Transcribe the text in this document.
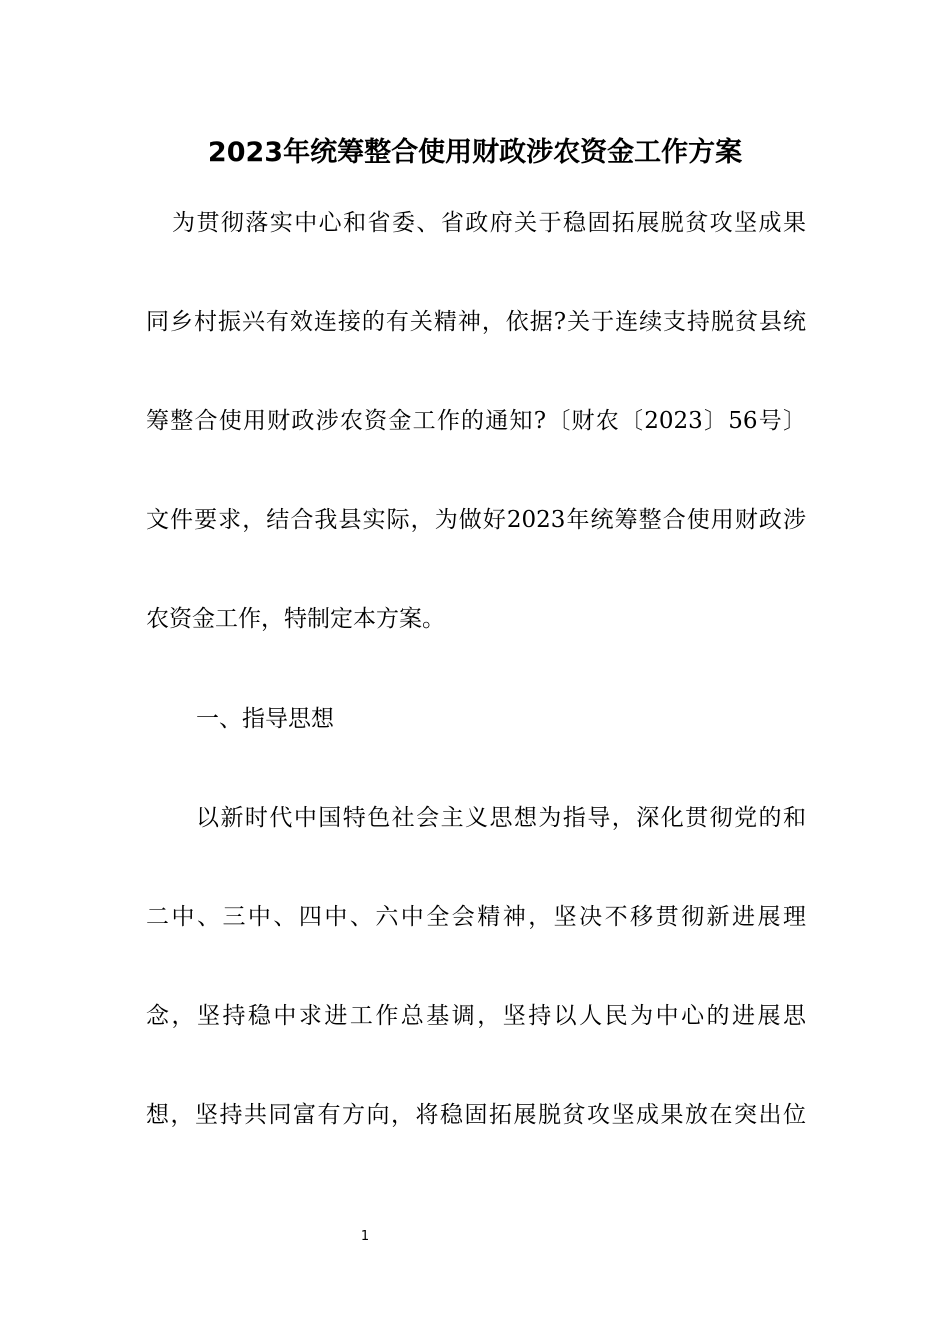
2023年统筹整合使用财政涉农资金工作方案
为贯彻落实中心和省委、省政府关于稳固拓展脱贫攻坚成果
同乡村振兴有效连接的有关精神，依据?关于连续支持脱贫县统
筹整合使用财政涉农资金工作的通知?〔财农〔2023〕56号〕
文件要求，结合我县实际，为做好2023年统筹整合使用财政涉
农资金工作，特制定本方案。
一、指导思想
以新时代中国特色社会主义思想为指导，深化贯彻党的和
二中、三中、四中、六中全会精神，坚决不移贯彻新进展理
念，坚持稳中求进工作总基调，坚持以人民为中心的进展思
想，坚持共同富有方向，将稳固拓展脱贫攻坚成果放在突出位
1
